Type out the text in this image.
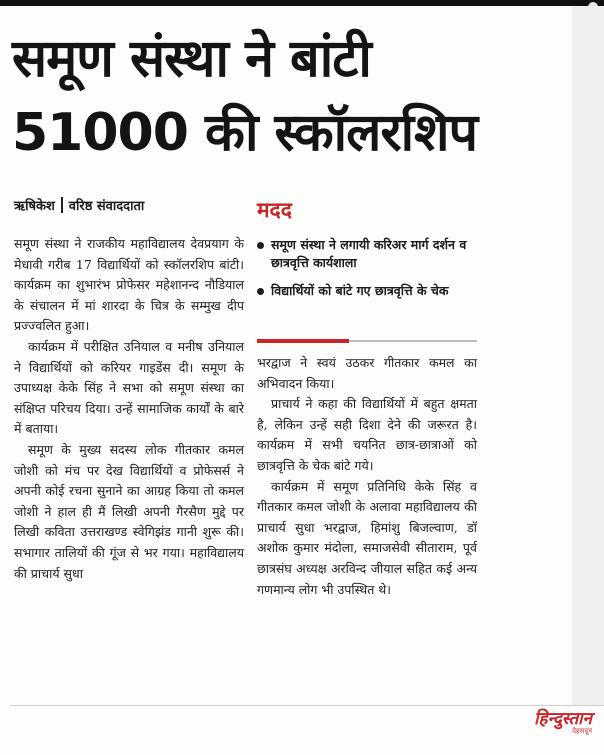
समूण संस्था ने बांटी
51000 की स्कॉलरशिप
ऋषिकेश वरिष्ठ संवाददाता	मदद
समूण संस्था ने लगायी करिअर मार्ग दर्शन व छात्रवृत्ति कार्यशाला
विद्यार्थियों को बांटे गए छात्रवृत्ति के चेक

समूण संस्था ने राजकीय महाविद्यालय देवप्रयाग के मेधावी गरीब 17 विद्यार्थियों को स्कॉलरशिप बांटी। कार्यक्रम का शुभारंभ प्रोफेसर महेशानन्द नौडियाल के संचालन में मां शारदा के चित्र के सम्मुख दीप प्रज्ज्वलित हुआ।

कार्यक्रम में परीक्षित उनियाल व मनीष उनियाल ने विद्यार्थियों को करियर गाइडेंस दी। समूण के उपाध्यक्ष केके सिंह ने सभा को समूण संस्था का संक्षिप्त परिचय दिया। उन्हें सामाजिक कार्यों के बारे में बताया।

समूण के मुख्य सदस्य लोक गीतकार कमल जोशी को मंच पर देख विद्यार्थियों व प्रोफेसर्स ने अपनी कोई रचना सुनाने का आग्रह किया तो कमल जोशी ने हाल ही मैं लिखी अपनी गैरसैण मुद्दे पर लिखी कविता उत्तराखण्ड स्वेगिझंड गानी शुरू की। सभागार तालियों की गूंज से भर गया। महाविद्यालय की प्राचार्य सुधा

भरद्वाज ने स्वयं उठकर गीतकार कमल का अभिवादन किया।

प्राचार्य ने कहा की विद्यार्थियों में बहुत क्षमता है, लेकिन उन्हें सही दिशा देने की जरूरत है। कार्यक्रम में सभी चयनित छात्र-छात्राओं को छात्रवृत्ति के चेक बांटे गये।

कार्यक्रम में समूण प्रतिनिधि केके सिंह व गीतकार कमल जोशी के अलावा महाविद्यालय की प्राचार्य सुधा भरद्वाज, हिमांशु बिजल्वाण, डॉ अशोक कुमार मंदोला, समाजसेवी सीताराम, पूर्व छात्रसंघ अध्यक्ष अरविन्द जीयाल सहित कई अन्य गणमान्य लोग भी उपस्थित थे।

हिन्दुस्तान
देहरादून
